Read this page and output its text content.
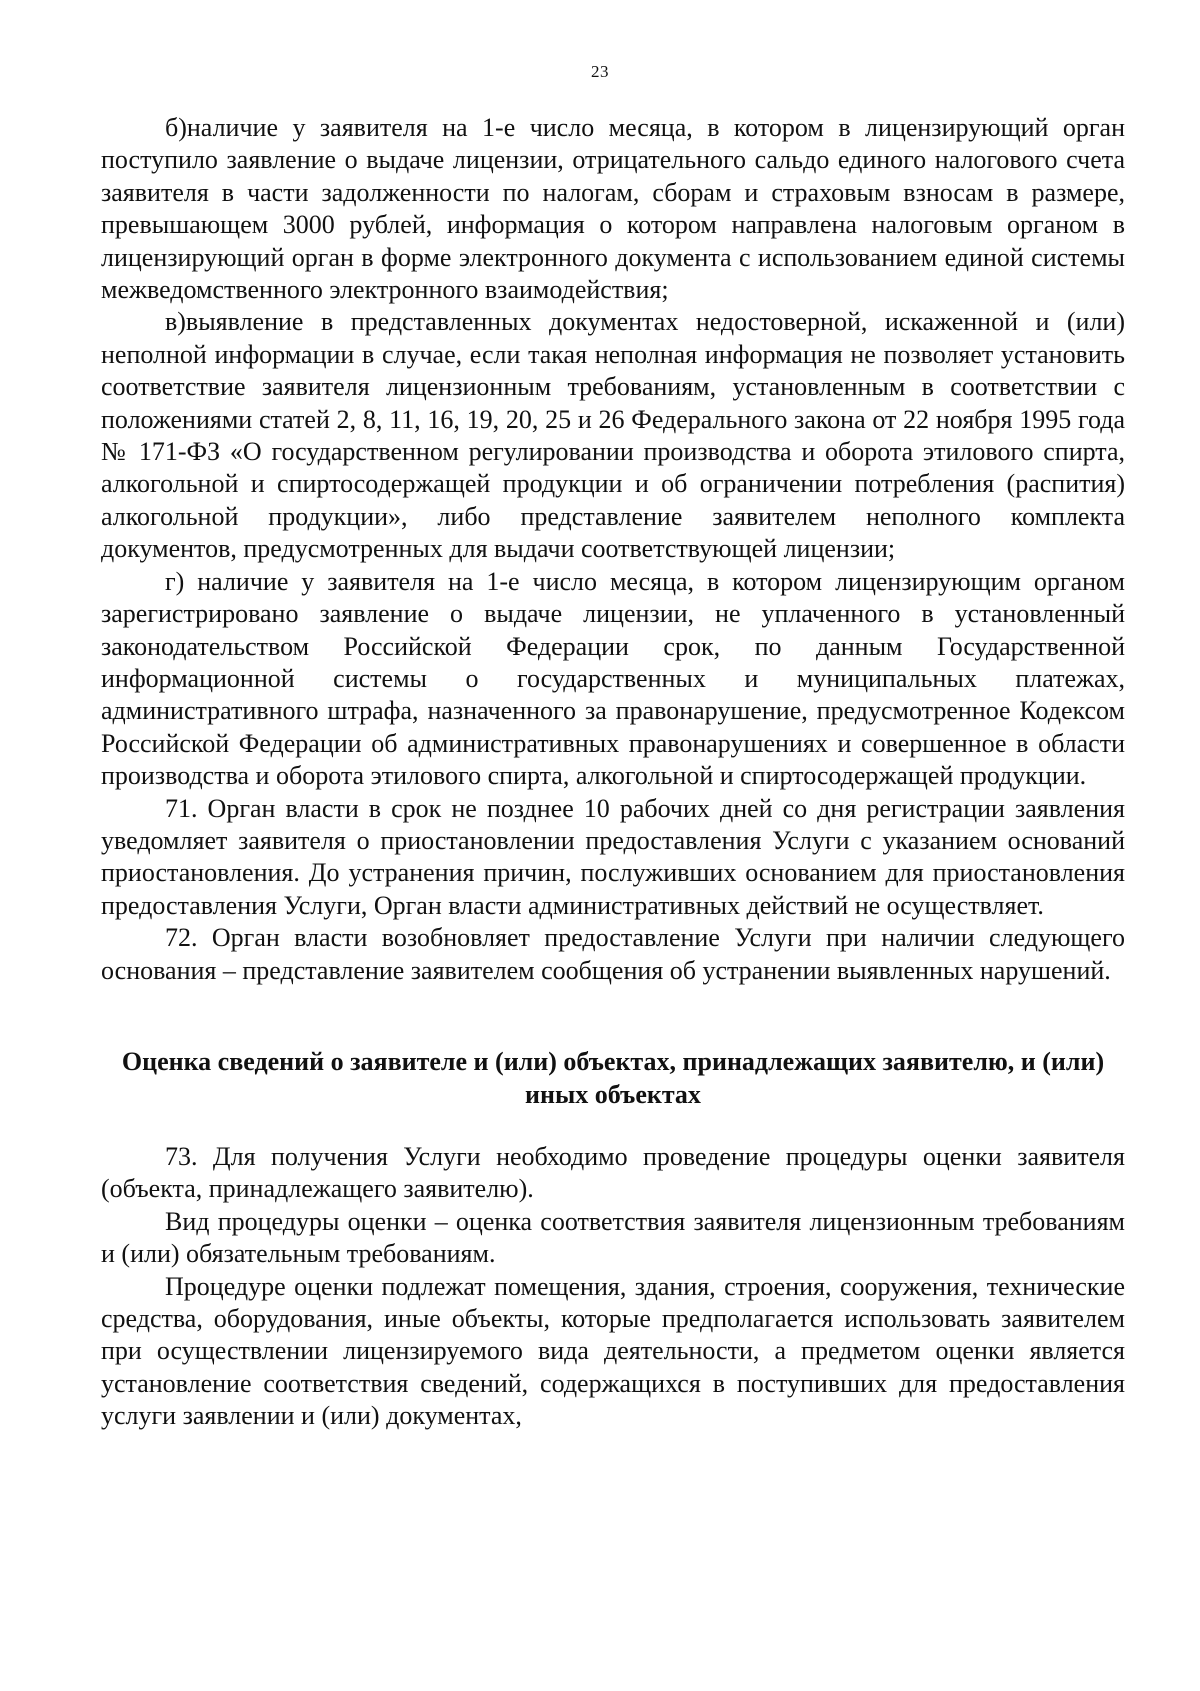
23

б)наличие у заявителя на 1-е число месяца, в котором в лицензирующий орган поступило заявление о выдаче лицензии, отрицательного сальдо единого налогового счета заявителя в части задолженности по налогам, сборам и страховым взносам в размере, превышающем 3000 рублей, информация о котором направлена налоговым органом в лицензирующий орган в форме электронного документа с использованием единой системы межведомственного электронного взаимодействия;

в)выявление в представленных документах недостоверной, искаженной и (или) неполной информации в случае, если такая неполная информация не позволяет установить соответствие заявителя лицензионным требованиям, установленным в соответствии с положениями статей 2, 8, 11, 16, 19, 20, 25 и 26 Федерального закона от 22 ноября 1995 года № 171-ФЗ «О государственном регулировании производства и оборота этилового спирта, алкогольной и спиртосодержащей продукции и об ограничении потребления (распития) алкогольной продукции», либо представление заявителем неполного комплекта документов, предусмотренных для выдачи соответствующей лицензии;

г) наличие у заявителя на 1-е число месяца, в котором лицензирующим органом зарегистрировано заявление о выдаче лицензии, не уплаченного в установленный законодательством Российской Федерации срок, по данным Государственной информационной системы о государственных и муниципальных платежах, административного штрафа, назначенного за правонарушение, предусмотренное Кодексом Российской Федерации об административных правонарушениях и совершенное в области производства и оборота этилового спирта, алкогольной и спиртосодержащей продукции.

71. Орган власти в срок не позднее 10 рабочих дней со дня регистрации заявления уведомляет заявителя о приостановлении предоставления Услуги с указанием оснований приостановления. До устранения причин, послуживших основанием для приостановления предоставления Услуги, Орган власти административных действий не осуществляет.

72. Орган власти возобновляет предоставление Услуги при наличии следующего основания – представление заявителем сообщения об устранении выявленных нарушений.

Оценка сведений о заявителе и (или) объектах, принадлежащих заявителю, и (или) иных объектах

73. Для получения Услуги необходимо проведение процедуры оценки заявителя (объекта, принадлежащего заявителю).

Вид процедуры оценки – оценка соответствия заявителя лицензионным требованиям и (или) обязательным требованиям.

Процедуре оценки подлежат помещения, здания, строения, сооружения, технические средства, оборудования, иные объекты, которые предполагается использовать заявителем при осуществлении лицензируемого вида деятельности, а предметом оценки является установление соответствия сведений, содержащихся в поступивших для предоставления услуги заявлении и (или) документах,
